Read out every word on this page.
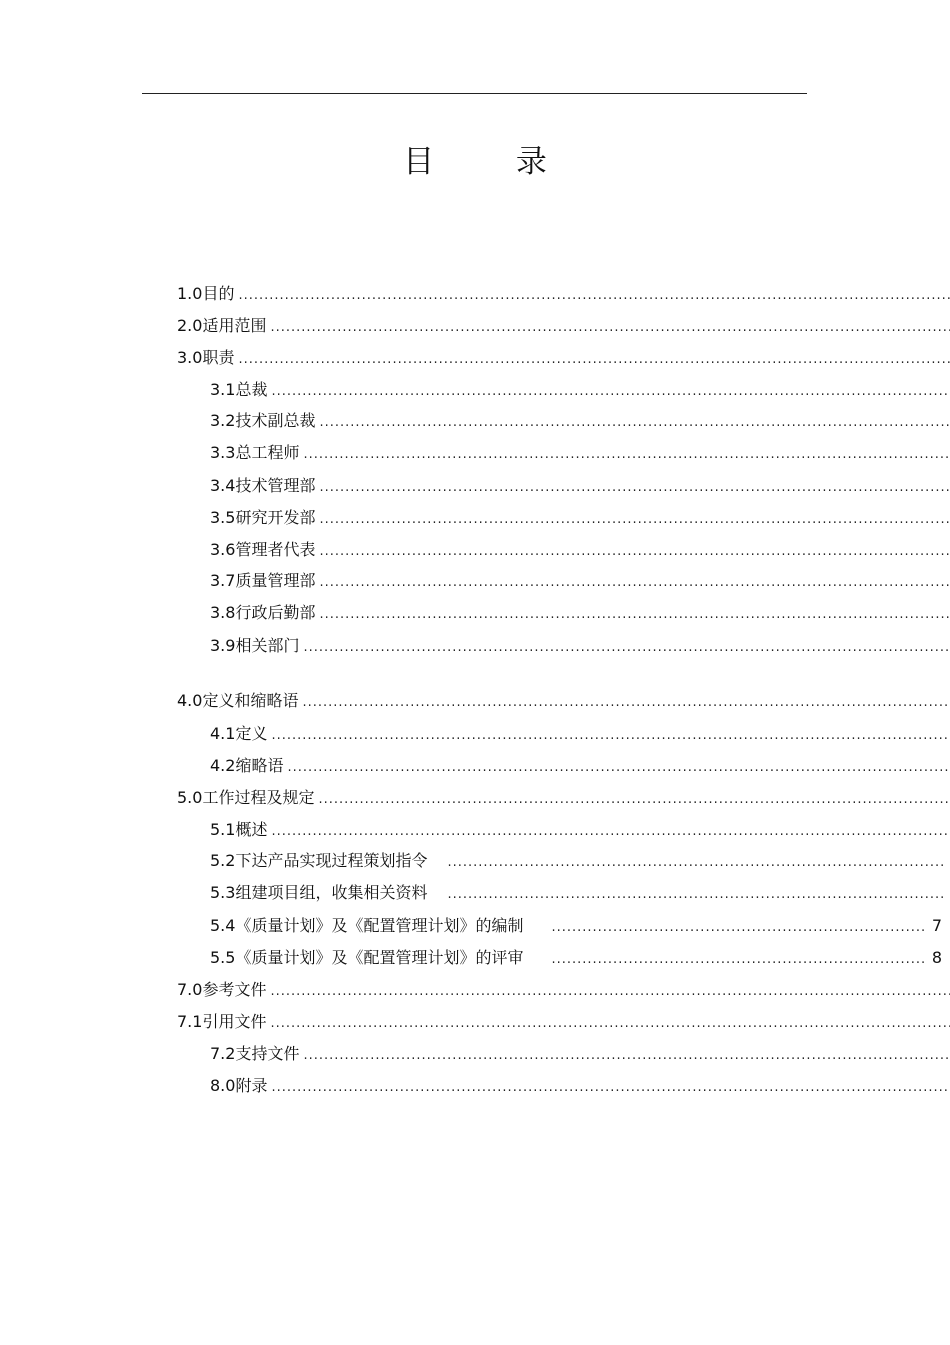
目 录
1.0 目的
.....
2.0 适用范围
.....
3.0 职责
.....
3.1 总裁
.....
3.2 技术副总裁
.....
3.3 总工程师
.....
3.4 技术管理部
.....
3.5 研究开发部
.....
3.6 管理者代表
.....
3.7 质量管理部
.....
3.8 行政后勤部
.....
3.9 相关部门
.....
4.0 定义和缩略语
.....
4.1 定义
.....
4.2 缩略语
.....
5.0 工作过程及规定
.....
5.1 概述
.....
5.2 下达产品实现过程策划指令
.....
5.3 组建项目组，收集相关资料
.....
5.4 《质量计划》及《配置管理计划》的编制 .....	7
5.5 《质量计划》及《配置管理计划》的评审 .....	8
7.0 参考文件
.....
7.1 引用文件
.....
7.2 支持文件
.....
8.0 附录
.....
